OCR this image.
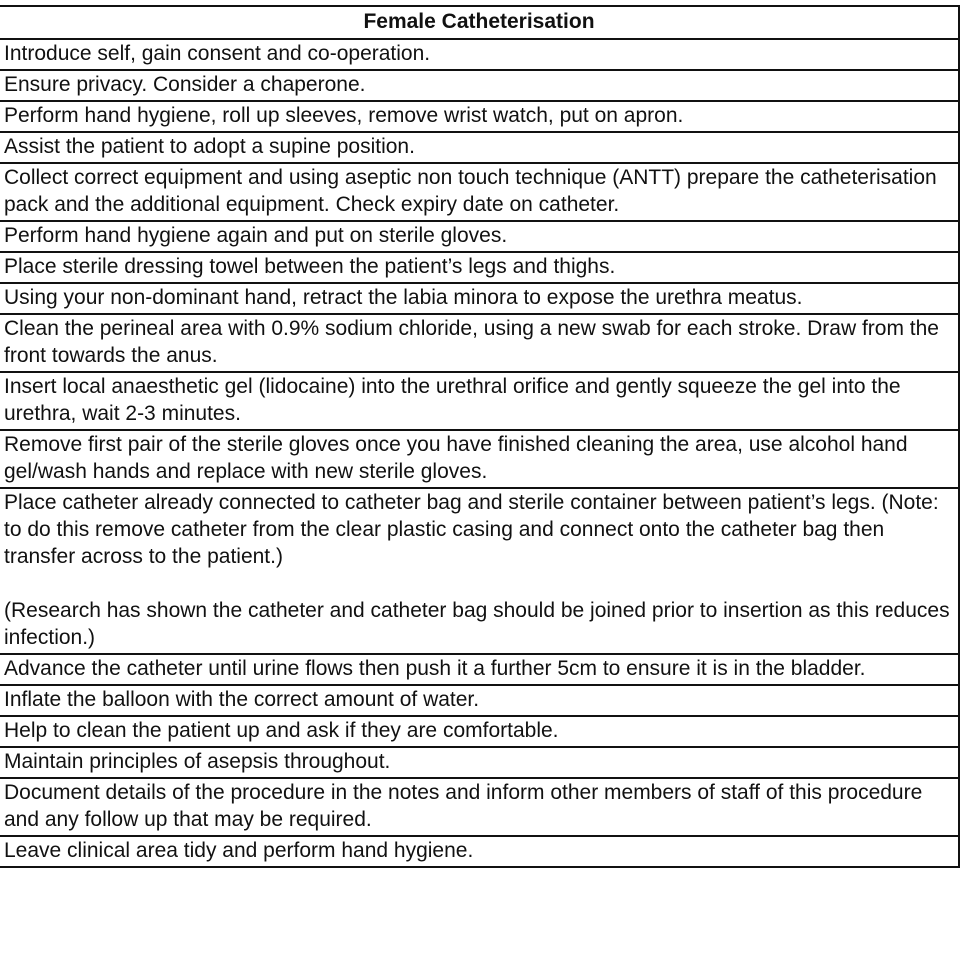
Female Catheterisation
Introduce self, gain consent and co-operation.
Ensure privacy. Consider a chaperone.
Perform hand hygiene, roll up sleeves, remove wrist watch, put on apron.
Assist the patient to adopt a supine position.
Collect correct equipment and using aseptic non touch technique (ANTT) prepare the catheterisation pack and the additional equipment. Check expiry date on catheter.
Perform hand hygiene again and put on sterile gloves.
Place sterile dressing towel between the patient’s legs and thighs.
Using your non-dominant hand, retract the labia minora to expose the urethra meatus.
Clean the perineal area with 0.9% sodium chloride, using a new swab for each stroke. Draw from the front towards the anus.
Insert local anaesthetic gel (lidocaine) into the urethral orifice and gently squeeze the gel into the urethra, wait 2-3 minutes.
Remove first pair of the sterile gloves once you have finished cleaning the area, use alcohol hand gel/wash hands and replace with new sterile gloves.
Place catheter already connected to catheter bag and sterile container between patient’s legs. (Note: to do this remove catheter from the clear plastic casing and connect onto the catheter bag then transfer across to the patient.)

(Research has shown the catheter and catheter bag should be joined prior to insertion as this reduces infection.)
Advance the catheter until urine flows then push it a further 5cm to ensure it is in the bladder.
Inflate the balloon with the correct amount of water.
Help to clean the patient up and ask if they are comfortable.
Maintain principles of asepsis throughout.
Document details of the procedure in the notes and inform other members of staff of this procedure and any follow up that may be required.
Leave clinical area tidy and perform hand hygiene.
